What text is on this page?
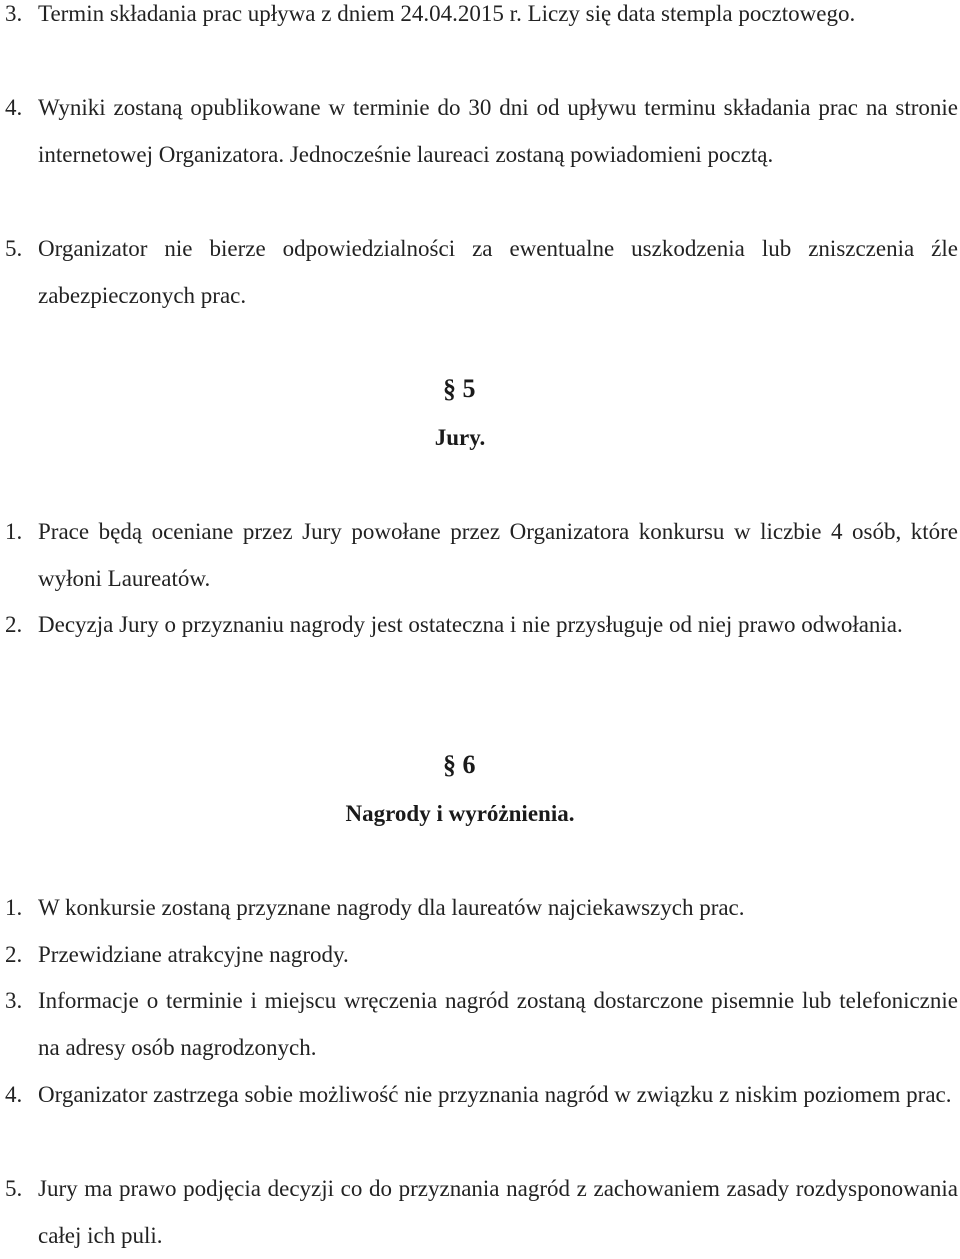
3. Termin składania prac upływa z dniem 24.04.2015 r. Liczy się data stempla pocztowego.
4. Wyniki zostaną opublikowane w terminie do 30 dni od upływu terminu składania prac na stronie internetowej Organizatora. Jednocześnie laureaci zostaną powiadomieni pocztą.
5. Organizator nie bierze odpowiedzialności za ewentualne uszkodzenia lub zniszczenia źle zabezpieczonych prac.
§ 5
Jury.
1. Prace będą oceniane przez Jury powołane przez Organizatora konkursu w liczbie 4 osób, które wyłoni Laureatów.
2. Decyzja Jury o przyznaniu nagrody jest ostateczna i nie przysługuje od niej prawo odwołania.
§ 6
Nagrody i wyróżnienia.
1. W konkursie zostaną przyznane nagrody dla laureatów najciekawszych prac.
2. Przewidziane atrakcyjne nagrody.
3. Informacje o terminie i miejscu wręczenia nagród zostaną dostarczone pisemnie lub telefonicznie na adresy osób nagrodzonych.
4. Organizator zastrzega sobie możliwość nie przyznania nagród w związku z niskim poziomem prac.
5. Jury ma prawo podjęcia decyzji co do przyznania nagród z zachowaniem zasady rozdysponowania całej ich puli.
